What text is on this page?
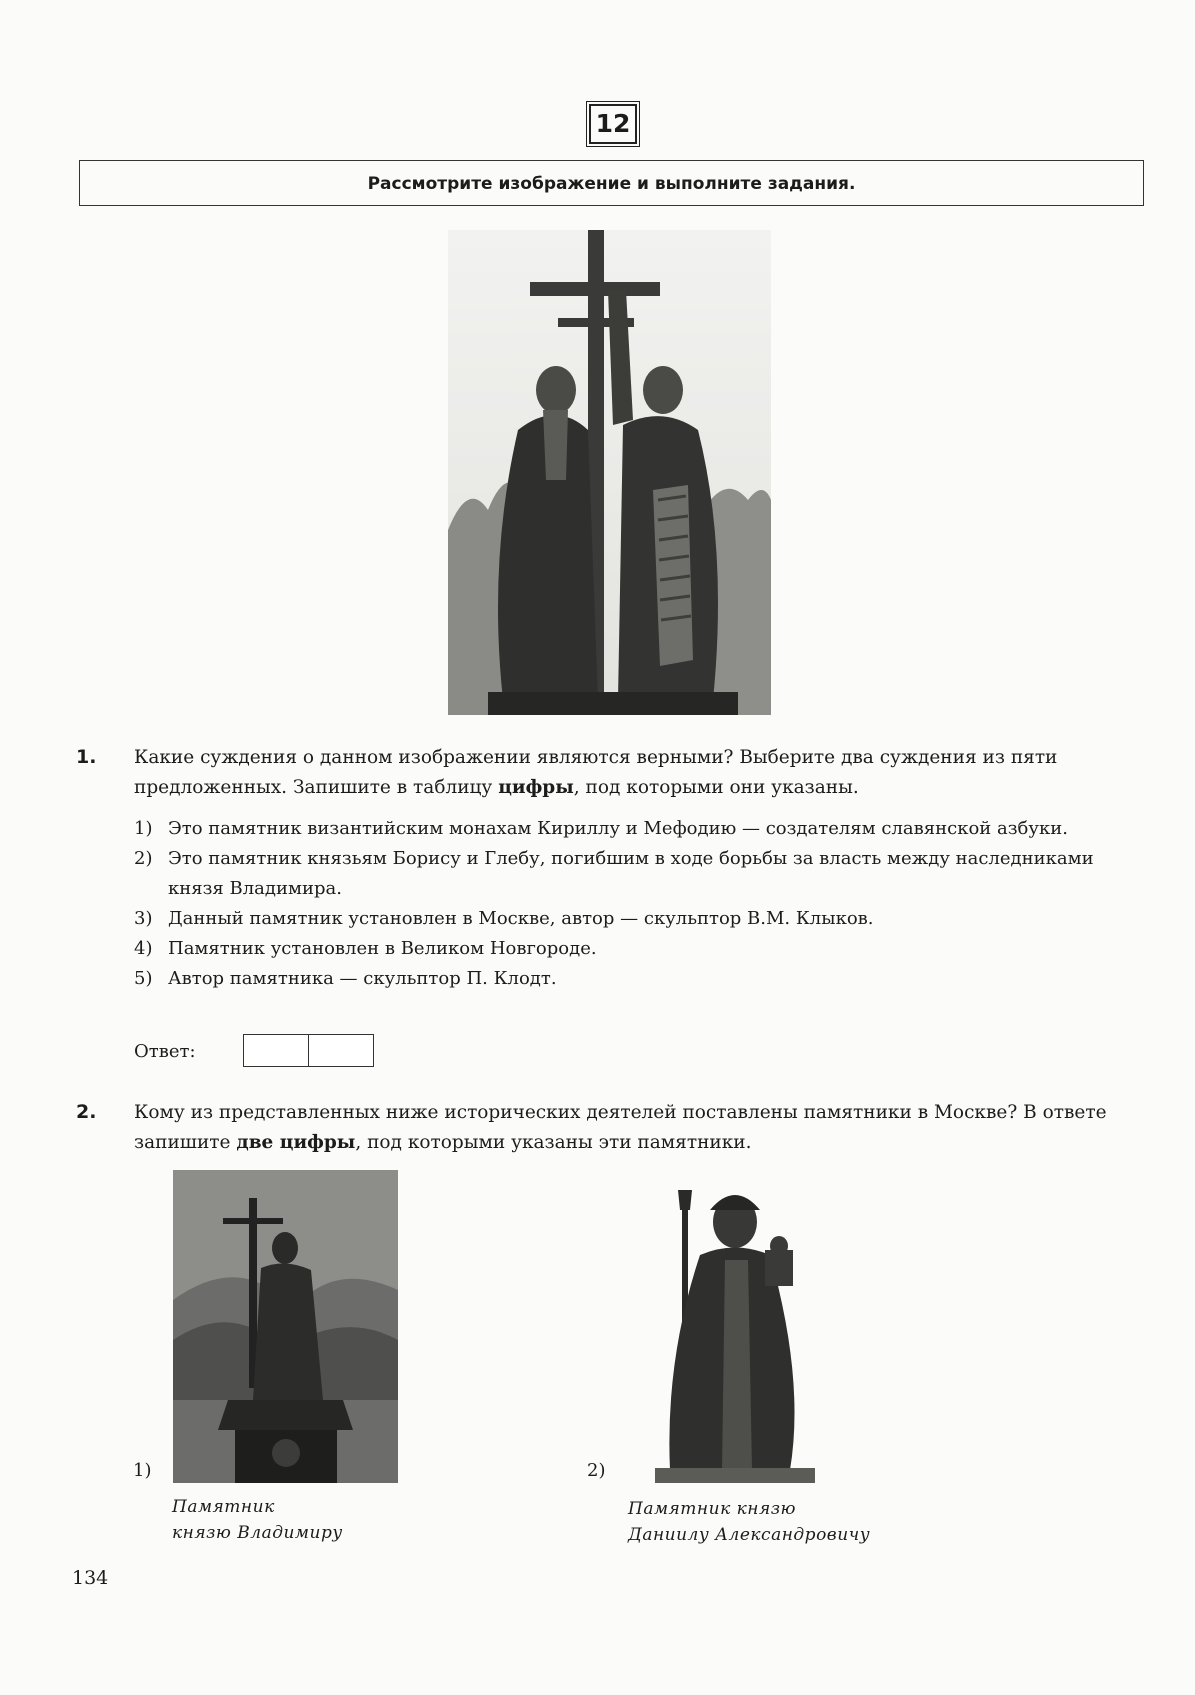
12
Рассмотрите изображение и выполните задания.
1. Какие суждения о данном изображении являются верными? Выберите два суждения из пяти предложенных. Запишите в таблицу цифры, под которыми они указаны.
1) Это памятник византийским монахам Кириллу и Мефодию — создателям славянской азбуки.
2) Это памятник князьям Борису и Глебу, погибшим в ходе борьбы за власть между наследниками князя Владимира.
3) Данный памятник установлен в Москве, автор — скульптор В.М. Клыков.
4) Памятник установлен в Великом Новгороде.
5) Автор памятника — скульптор П. Клодт.
Ответ:
2. Кому из представленных ниже исторических деятелей поставлены памятники в Москве? В ответе запишите две цифры, под которыми указаны эти памятники.
1)
Памятник
князю Владимиру
2)
Памятник князю
Даниилу Александровичу
134
